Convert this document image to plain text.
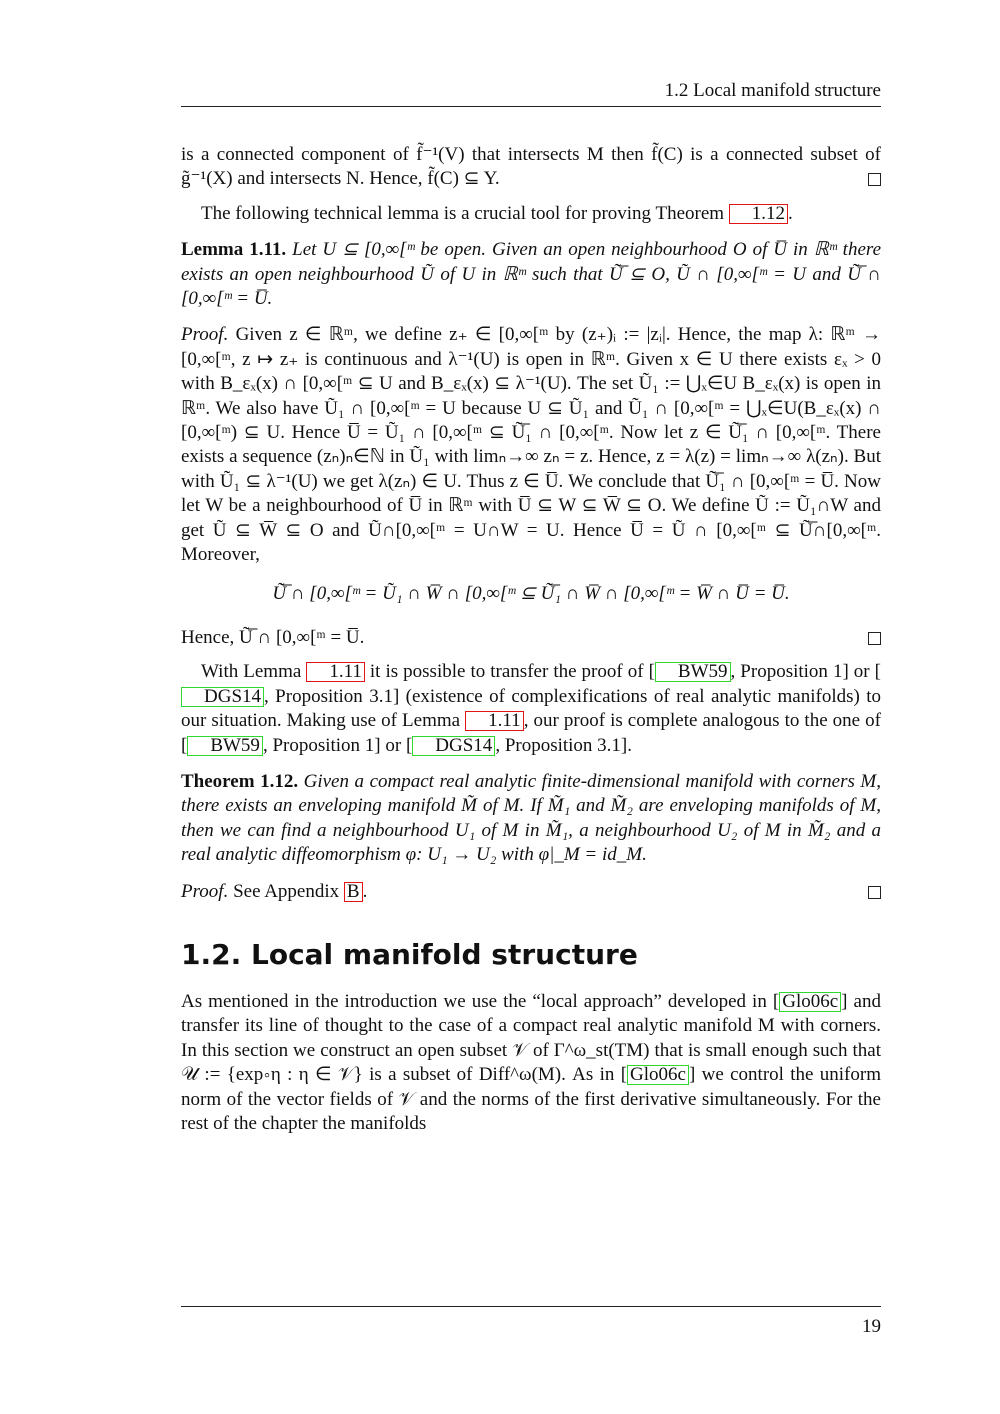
1.2 Local manifold structure

is a connected component of f̃⁻¹(V) that intersects M then f̃(C) is a connected subset of g̃⁻¹(X) and intersects N. Hence, f̃(C) ⊆ Y.

The following technical lemma is a crucial tool for proving Theorem 1.12 .

Lemma 1.11. Let U ⊆ [0,∞[ᵐ be open. Given an open neighbourhood O of U̅ in ℝᵐ there exists an open neighbourhood Ũ of U in ℝᵐ such that Ũ̅ ⊆ O, Ũ ∩ [0,∞[ᵐ = U and Ũ̅ ∩ [0,∞[ᵐ = U̅.

Proof. Given z ∈ ℝᵐ, we define z₊ ∈ [0,∞[ᵐ by (z₊)ᵢ := |zᵢ|. Hence, the map λ: ℝᵐ → [0,∞[ᵐ, z ↦ z₊ is continuous and λ⁻¹(U) is open in ℝᵐ. Given x ∈ U there exists εₓ > 0 with B_εₓ(x) ∩ [0,∞[ᵐ ⊆ U and B_εₓ(x) ⊆ λ⁻¹(U). The set Ũ₁ := ⋃ₓ∈U B_εₓ(x) is open in ℝᵐ. We also have Ũ₁ ∩ [0,∞[ᵐ = U because U ⊆ Ũ₁ and Ũ₁ ∩ [0,∞[ᵐ = ⋃ₓ∈U(B_εₓ(x) ∩ [0,∞[ᵐ) ⊆ U. Hence U̅ = Ũ₁ ∩ [0,∞[ᵐ ⊆ Ũ̅₁ ∩ [0,∞[ᵐ. Now let z ∈ Ũ̅₁ ∩ [0,∞[ᵐ. There exists a sequence (zₙ)ₙ∈ℕ in Ũ₁ with limₙ→∞ zₙ = z. Hence, z = λ(z) = limₙ→∞ λ(zₙ). But with Ũ₁ ⊆ λ⁻¹(U) we get λ(zₙ) ∈ U. Thus z ∈ U̅. We conclude that Ũ̅₁ ∩ [0,∞[ᵐ = U̅. Now let W be a neighbourhood of U̅ in ℝᵐ with U̅ ⊆ W ⊆ W̅ ⊆ O. We define Ũ := Ũ₁∩W and get Ũ ⊆ W̅ ⊆ O and Ũ∩[0,∞[ᵐ = U∩W = U. Hence U̅ = Ũ ∩ [0,∞[ᵐ ⊆ Ũ̅∩[0,∞[ᵐ. Moreover,

Ũ̅ ∩ [0,∞[ᵐ = Ũ₁ ∩ W̅ ∩ [0,∞[ᵐ ⊆ Ũ̅₁ ∩ W̅ ∩ [0,∞[ᵐ = W̅ ∩ U̅ = U̅.

Hence, Ũ̅ ∩ [0,∞[ᵐ = U̅.

With Lemma 1.11 it is possible to transfer the proof of [ BW59 , Proposition 1] or [DGS14 , Proposition 3.1] (existence of complexifications of real analytic manifolds) to our situation. Making use of Lemma 1.11 , our proof is complete analogous to the one of [ BW59 , Proposition 1] or [ DGS14 , Proposition 3.1].

Theorem 1.12. Given a compact real analytic finite-dimensional manifold with corners M, there exists an enveloping manifold M̃ of M. If M̃₁ and M̃₂ are enveloping manifolds of M, then we can find a neighbourhood U₁ of M in M̃₁, a neighbourhood U₂ of M in M̃₂ and a real analytic diffeomorphism φ: U₁ → U₂ with φ|_M = id_M.

Proof. See Appendix B .

1.2. Local manifold structure

As mentioned in the introduction we use the “local approach” developed in [ Glo06c ] and transfer its line of thought to the case of a compact real analytic manifold M with corners. In this section we construct an open subset 𝒱 of Γ^ω_st(TM) that is small enough such that 𝒰 := {exp∘η : η ∈ 𝒱} is a subset of Diff^ω(M). As in [ Glo06c ] we control the uniform norm of the vector fields of 𝒱 and the norms of the first derivative simultaneously. For the rest of the chapter the manifolds

19
